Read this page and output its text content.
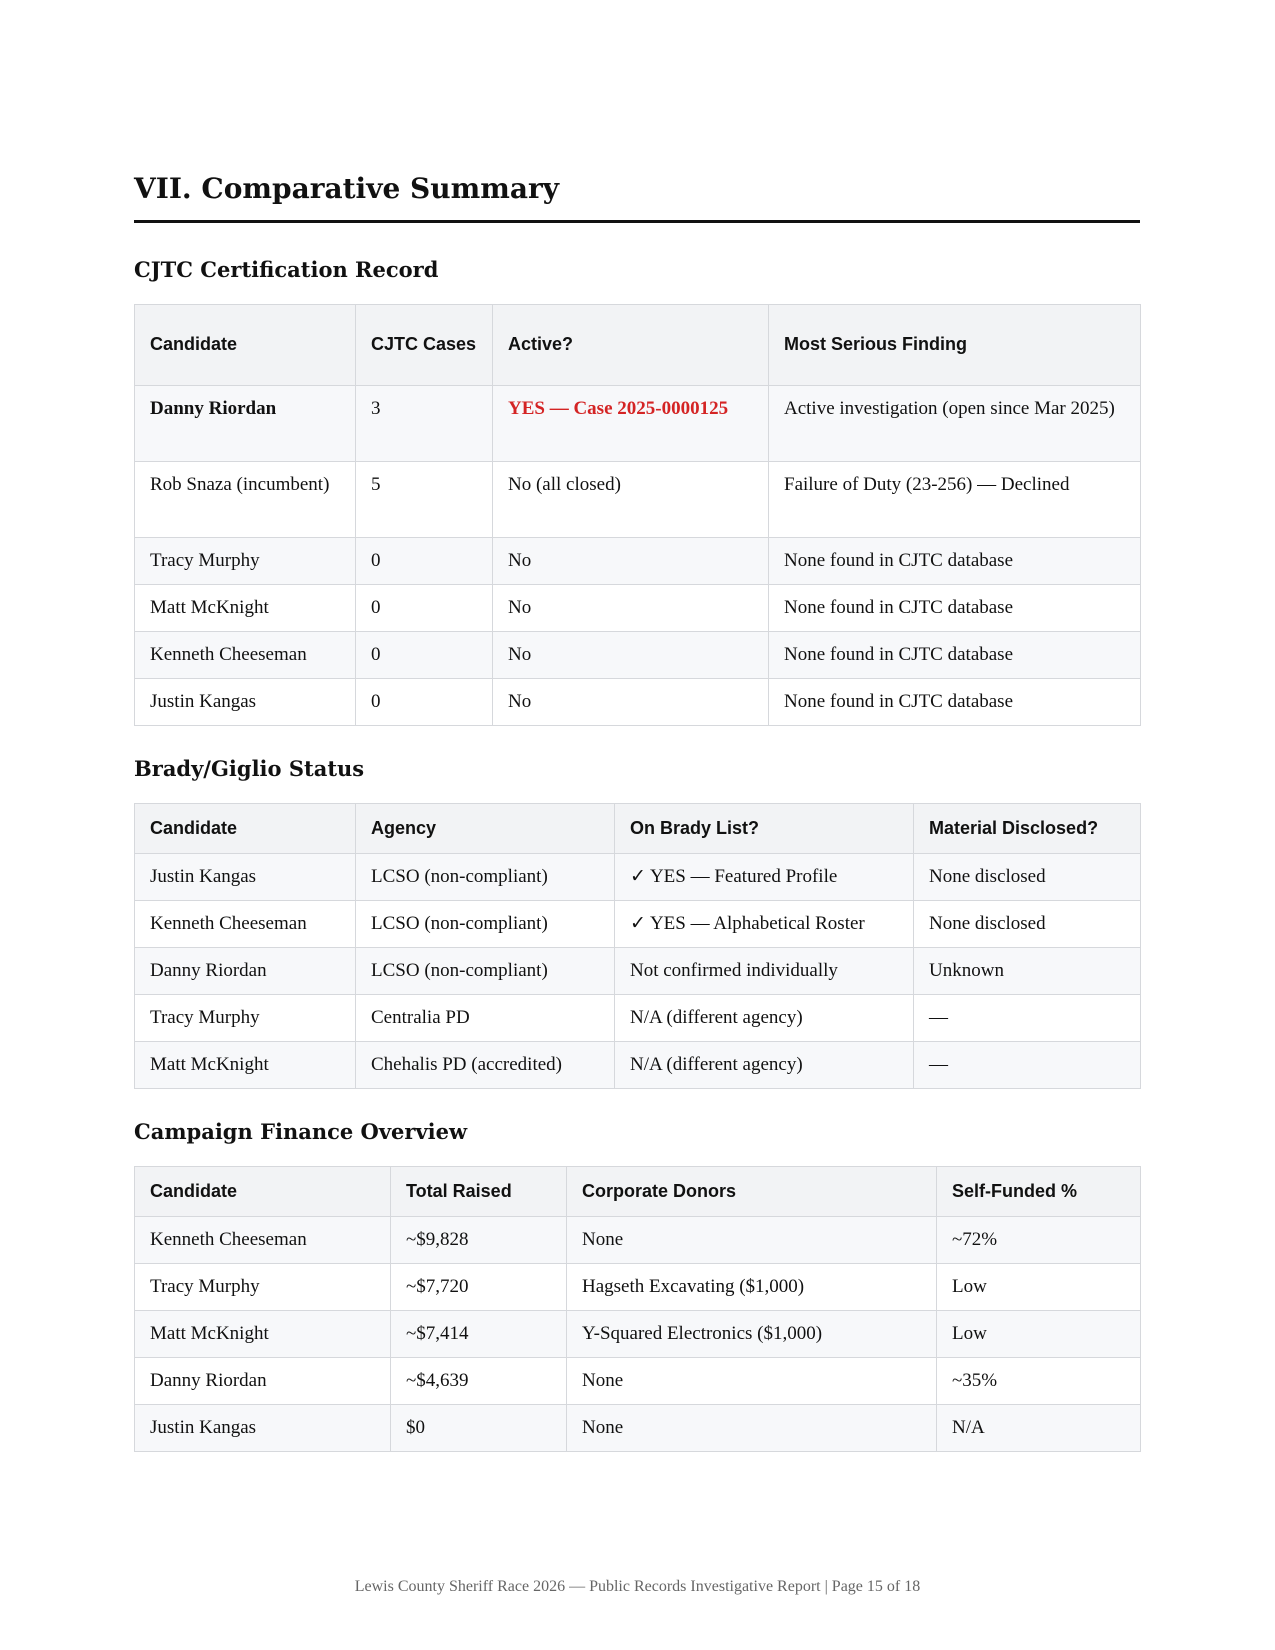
VII. Comparative Summary
CJTC Certification Record
Candidate	CJTC Cases	Active?	Most Serious Finding
Danny Riordan	3	YES — Case 2025-0000125	Active investigation (open since Mar 2025)
Rob Snaza (incumbent)	5	No (all closed)	Failure of Duty (23-256) — Declined
Tracy Murphy	0	No	None found in CJTC database
Matt McKnight	0	No	None found in CJTC database
Kenneth Cheeseman	0	No	None found in CJTC database
Justin Kangas	0	No	None found in CJTC database
Brady/Giglio Status
Candidate	Agency	On Brady List?	Material Disclosed?
Justin Kangas	LCSO (non-compliant)	✓ YES — Featured Profile	None disclosed
Kenneth Cheeseman	LCSO (non-compliant)	✓ YES — Alphabetical Roster	None disclosed
Danny Riordan	LCSO (non-compliant)	Not confirmed individually	Unknown
Tracy Murphy	Centralia PD	N/A (different agency)	—
Matt McKnight	Chehalis PD (accredited)	N/A (different agency)	—
Campaign Finance Overview
Candidate	Total Raised	Corporate Donors	Self-Funded %
Kenneth Cheeseman	~$9,828	None	~72%
Tracy Murphy	~$7,720	Hagseth Excavating ($1,000)	Low
Matt McKnight	~$7,414	Y-Squared Electronics ($1,000)	Low
Danny Riordan	~$4,639	None	~35%
Justin Kangas	$0	None	N/A
Lewis County Sheriff Race 2026 — Public Records Investigative Report | Page 15 of 18
